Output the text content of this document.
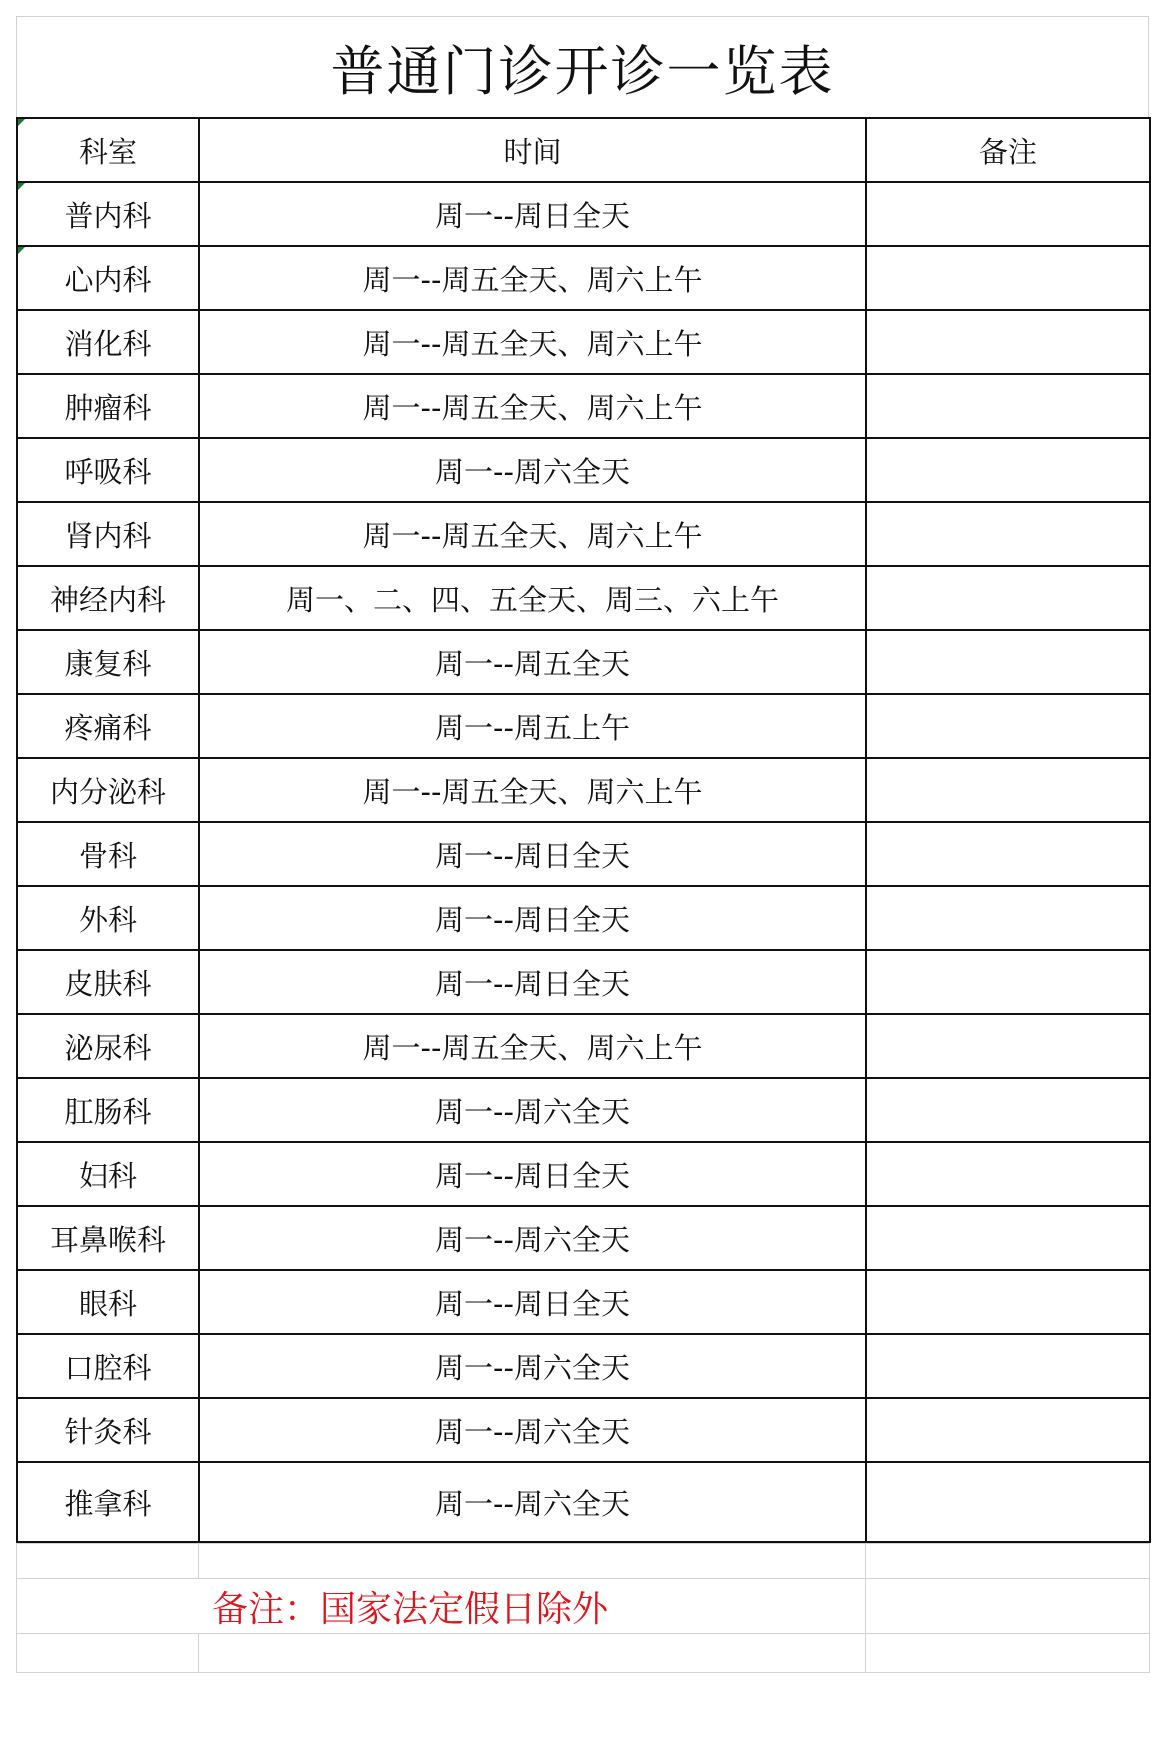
普通门诊开诊一览表
科室	时间	备注
普内科	周一--周日全天	
心内科	周一--周五全天、周六上午	
消化科	周一--周五全天、周六上午	
肿瘤科	周一--周五全天、周六上午	
呼吸科	周一--周六全天	
肾内科	周一--周五全天、周六上午	
神经内科	周一、二、四、五全天、周三、六上午	
康复科	周一--周五全天	
疼痛科	周一--周五上午	
内分泌科	周一--周五全天、周六上午	
骨科	周一--周日全天	
外科	周一--周日全天	
皮肤科	周一--周日全天	
泌尿科	周一--周五全天、周六上午	
肛肠科	周一--周六全天	
妇科	周一--周日全天	
耳鼻喉科	周一--周六全天	
眼科	周一--周日全天	
口腔科	周一--周六全天	
针灸科	周一--周六全天	
推拿科	周一--周六全天	

备注：国家法定假日除外		
